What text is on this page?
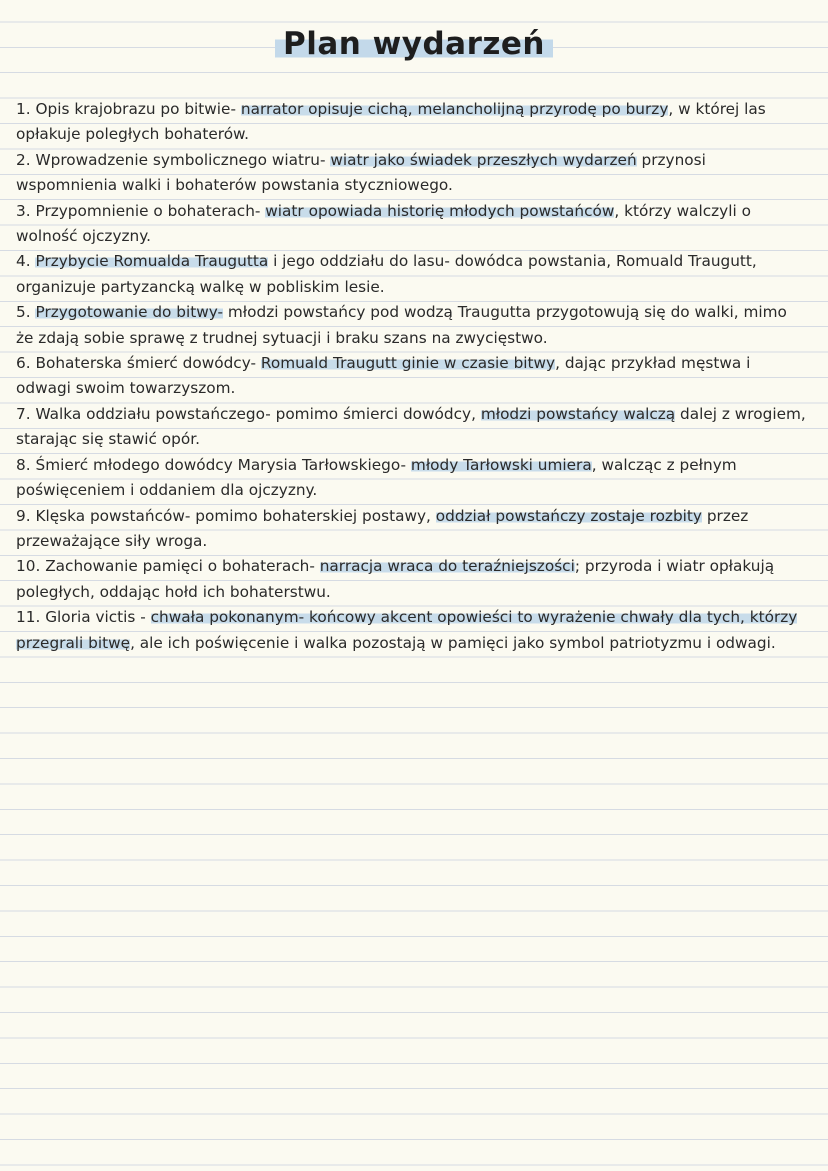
Plan wydarzeń
1. Opis krajobrazu po bitwie- narrator opisuje cichą, melancholijną przyrodę po burzy, w której las opłakuje poległych bohaterów.
2. Wprowadzenie symbolicznego wiatru- wiatr jako świadek przeszłych wydarzeń przynosi wspomnienia walki i bohaterów powstania styczniowego.
3. Przypomnienie o bohaterach- wiatr opowiada historię młodych powstańców, którzy walczyli o wolność ojczyzny.
4. Przybycie Romualda Traugutta i jego oddziału do lasu- dowódca powstania, Romuald Traugutt, organizuje partyzancką walkę w pobliskim lesie.
5. Przygotowanie do bitwy- młodzi powstańcy pod wodzą Traugutta przygotowują się do walki, mimo że zdają sobie sprawę z trudnej sytuacji i braku szans na zwycięstwo.
6. Bohaterska śmierć dowódcy- Romuald Traugutt ginie w czasie bitwy, dając przykład męstwa i odwagi swoim towarzyszom.
7. Walka oddziału powstańczego- pomimo śmierci dowódcy, młodzi powstańcy walczą dalej z wrogiem, starając się stawić opór.
8. Śmierć młodego dowódcy Marysia Tarłowskiego- młody Tarłowski umiera, walcząc z pełnym poświęceniem i oddaniem dla ojczyzny.
9. Klęska powstańców- pomimo bohaterskiej postawy, oddział powstańczy zostaje rozbity przez przeważające siły wroga.
10. Zachowanie pamięci o bohaterach- narracja wraca do teraźniejszości; przyroda i wiatr opłakują poległych, oddając hołd ich bohaterstwu.
11. Gloria victis - chwała pokonanym- końcowy akcent opowieści to wyrażenie chwały dla tych, którzy przegrali bitwę, ale ich poświęcenie i walka pozostają w pamięci jako symbol patriotyzmu i odwagi.
